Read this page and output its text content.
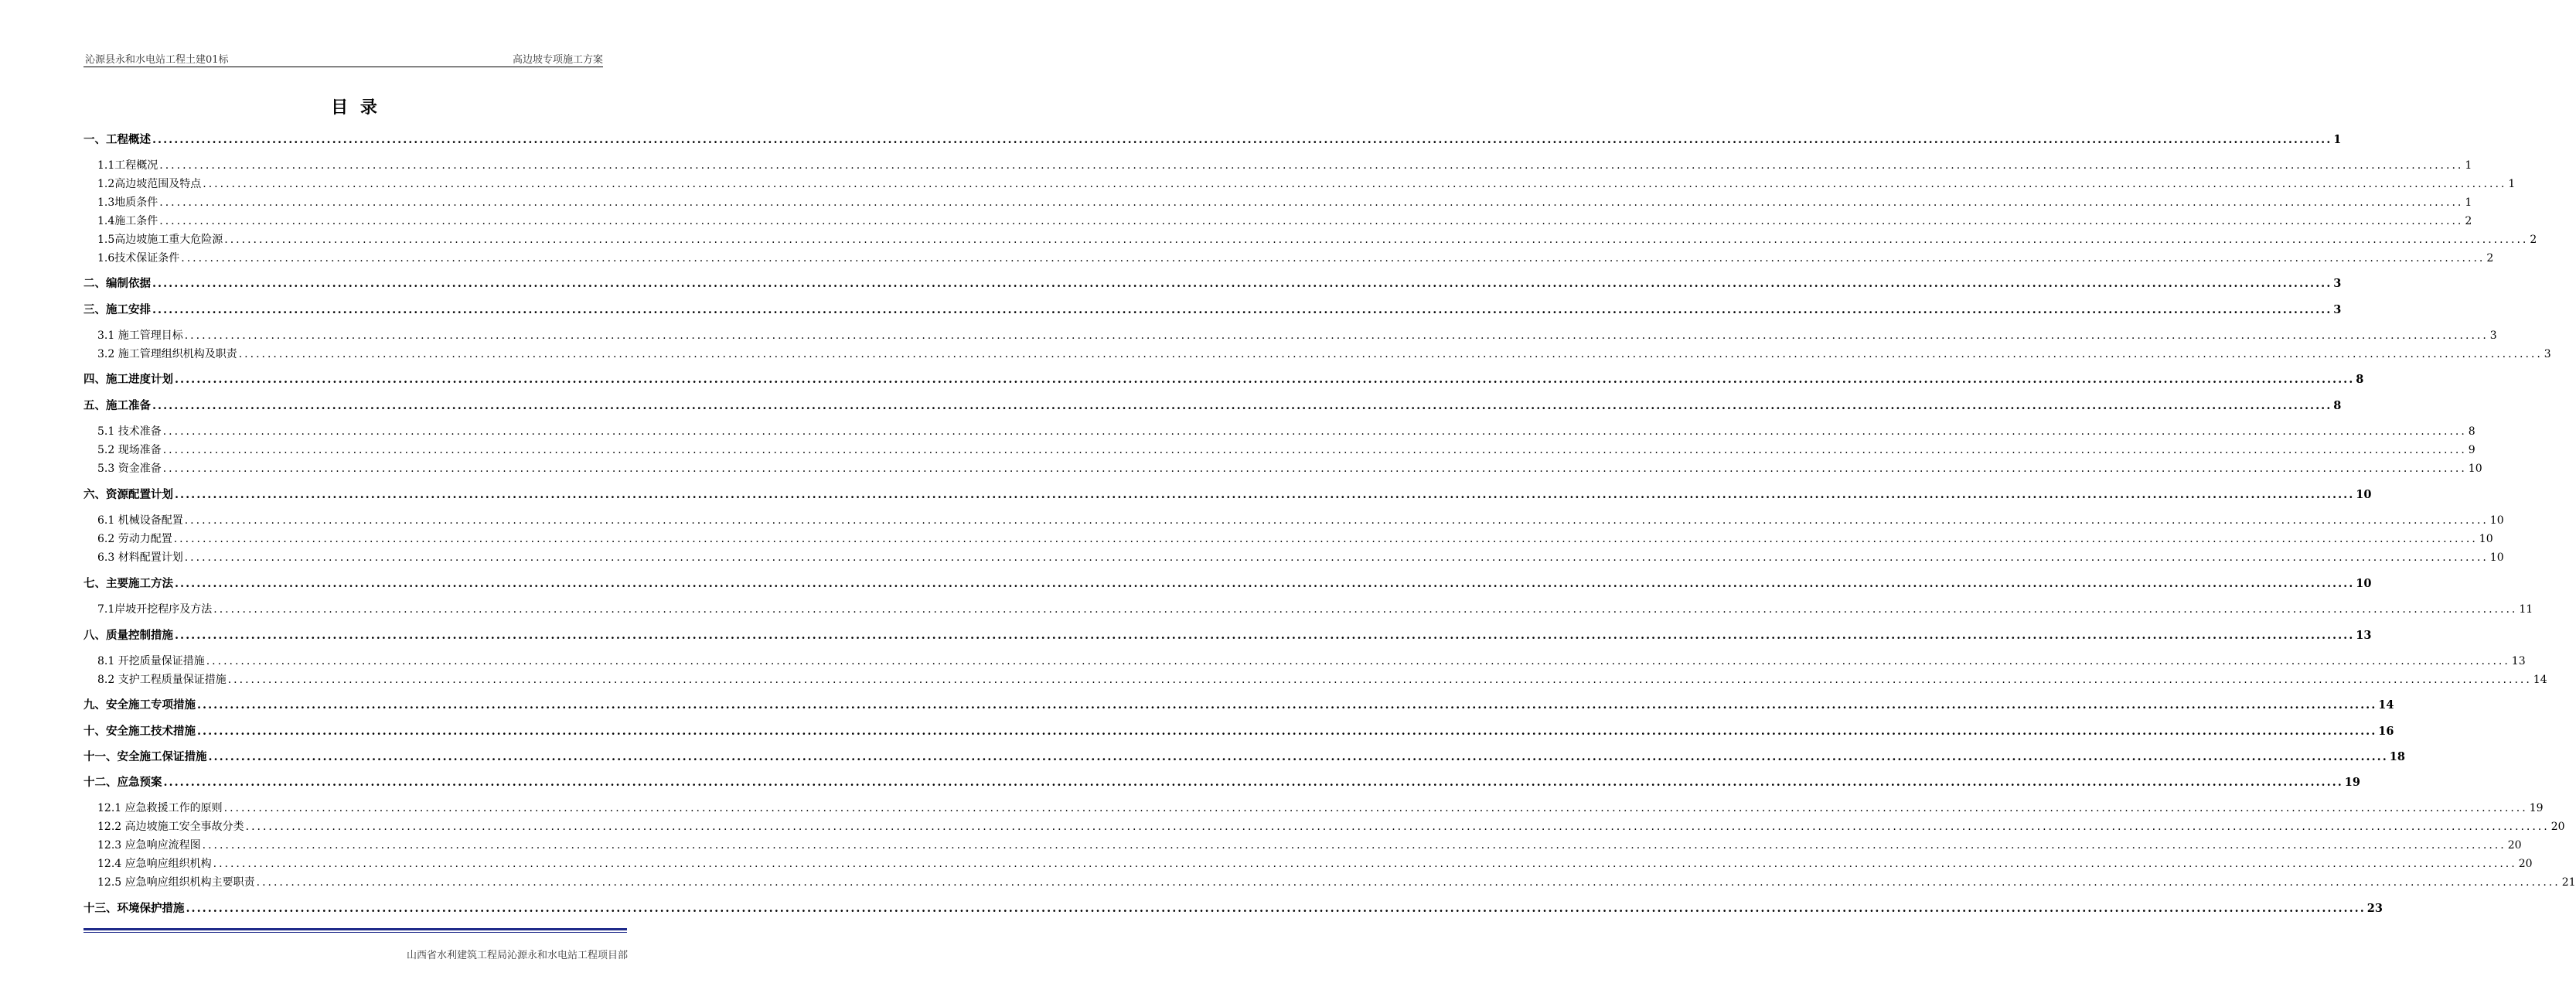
沁源县永和水电站工程土建01标	高边坡专项施工方案
目 录
一、工程概述 ................................................................................................................................................................................................................................................................................................................................................................................................................ 1
1.1工程概况 ................................................................................................................................................................................................................................................................................................................................................................................................................ 1
1.2高边坡范围及特点 ................................................................................................................................................................................................................................................................................................................................................................................................................ 1
1.3地质条件 ................................................................................................................................................................................................................................................................................................................................................................................................................ 1
1.4施工条件 ................................................................................................................................................................................................................................................................................................................................................................................................................ 2
1.5高边坡施工重大危险源 ................................................................................................................................................................................................................................................................................................................................................................................................................ 2
1.6技术保证条件 ................................................................................................................................................................................................................................................................................................................................................................................................................ 2
二、编制依据 ................................................................................................................................................................................................................................................................................................................................................................................................................ 3
三、施工安排 ................................................................................................................................................................................................................................................................................................................................................................................................................ 3
3.1 施工管理目标 ................................................................................................................................................................................................................................................................................................................................................................................................................ 3
3.2 施工管理组织机构及职责 ................................................................................................................................................................................................................................................................................................................................................................................................................ 3
四、施工进度计划 ................................................................................................................................................................................................................................................................................................................................................................................................................ 8
五、施工准备 ................................................................................................................................................................................................................................................................................................................................................................................................................ 8
5.1 技术准备 ................................................................................................................................................................................................................................................................................................................................................................................................................ 8
5.2 现场准备 ................................................................................................................................................................................................................................................................................................................................................................................................................ 9
5.3 资金准备 ................................................................................................................................................................................................................................................................................................................................................................................................................ 10
六、资源配置计划 ................................................................................................................................................................................................................................................................................................................................................................................................................ 10
6.1 机械设备配置 ................................................................................................................................................................................................................................................................................................................................................................................................................ 10
6.2 劳动力配置 ................................................................................................................................................................................................................................................................................................................................................................................................................ 10
6.3 材料配置计划 ................................................................................................................................................................................................................................................................................................................................................................................................................ 10
七、主要施工方法 ................................................................................................................................................................................................................................................................................................................................................................................................................ 10
7.1岸坡开挖程序及方法 ................................................................................................................................................................................................................................................................................................................................................................................................................ 11
八、质量控制措施 ................................................................................................................................................................................................................................................................................................................................................................................................................ 13
8.1 开挖质量保证措施 ................................................................................................................................................................................................................................................................................................................................................................................................................ 13
8.2 支护工程质量保证措施 ................................................................................................................................................................................................................................................................................................................................................................................................................ 14
九、安全施工专项措施 ................................................................................................................................................................................................................................................................................................................................................................................................................ 14
十、安全施工技术措施 ................................................................................................................................................................................................................................................................................................................................................................................................................ 16
十一、安全施工保证措施 ................................................................................................................................................................................................................................................................................................................................................................................................................ 18
十二、应急预案 ................................................................................................................................................................................................................................................................................................................................................................................................................ 19
12.1 应急救援工作的原则 ................................................................................................................................................................................................................................................................................................................................................................................................................ 19
12.2 高边坡施工安全事故分类 ................................................................................................................................................................................................................................................................................................................................................................................................................ 20
12.3 应急响应流程图 ................................................................................................................................................................................................................................................................................................................................................................................................................ 20
12.4 应急响应组织机构 ................................................................................................................................................................................................................................................................................................................................................................................................................ 20
12.5 应急响应组织机构主要职责 ................................................................................................................................................................................................................................................................................................................................................................................................................ 21
十三、环境保护措施 ................................................................................................................................................................................................................................................................................................................................................................................................................ 23
山西省水利建筑工程局沁源永和水电站工程项目部
